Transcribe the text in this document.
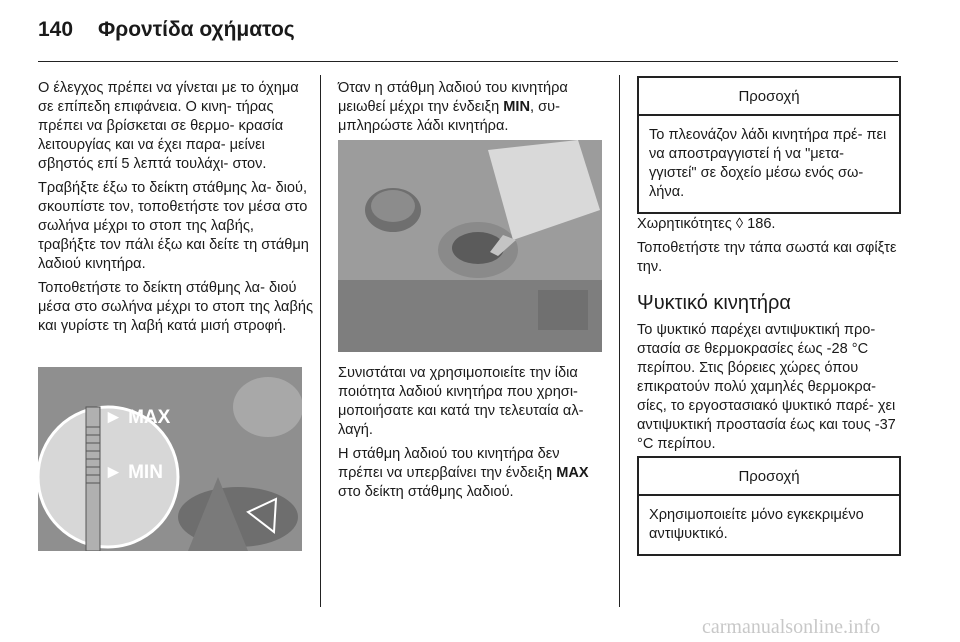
140 Φροντίδα οχήματος

Ο έλεγχος πρέπει να γίνεται με το όχημα σε επίπεδη επιφάνεια. Ο κινη- τήρας πρέπει να βρίσκεται σε θερμο- κρασία λειτουργίας και να έχει παρα- μείνει σβηστός επί 5 λεπτά τουλάχι- στον.

Τραβήξτε έξω το δείκτη στάθμης λα- διού, σκουπίστε τον, τοποθετήστε τον μέσα στο σωλήνα μέχρι το στοπ της λαβής, τραβήξτε τον πάλι έξω και δείτε τη στάθμη λαδιού κινητήρα.

Τοποθετήστε το δείκτη στάθμης λα- διού μέσα στο σωλήνα μέχρι το στοπ της λαβής και γυρίστε τη λαβή κατά μισή στροφή.

► MAX
► MIN

Όταν η στάθμη λαδιού του κινητήρα μειωθεί μέχρι την ένδειξη MIN, συ- μπληρώστε λάδι κινητήρα.

Συνιστάται να χρησιμοποιείτε την ίδια ποιότητα λαδιού κινητήρα που χρησι- μοποιήσατε και κατά την τελευταία αλ- λαγή.

Η στάθμη λαδιού του κινητήρα δεν πρέπει να υπερβαίνει την ένδειξη MAX στο δείκτη στάθμης λαδιού.

Προσοχή
Το πλεονάζον λάδι κινητήρα πρέ- πει να αποστραγγιστεί ή να "μετα- γγιστεί" σε δοχείο μέσω ενός σω- λήνα.

Χωρητικότητες ◊ 186.

Τοποθετήστε την τάπα σωστά και σφίξτε την.

Ψυκτικό κινητήρα

Το ψυκτικό παρέχει αντιψυκτική προ- στασία σε θερμοκρασίες έως -28 °C περίπου. Στις βόρειες χώρες όπου επικρατούν πολύ χαμηλές θερμοκρα- σίες, το εργοστασιακό ψυκτικό παρέ- χει αντιψυκτική προστασία έως και τους -37 °C περίπου.

Προσοχή
Χρησιμοποιείτε μόνο εγκεκριμένο αντιψυκτικό.
carmanualsonline.info
